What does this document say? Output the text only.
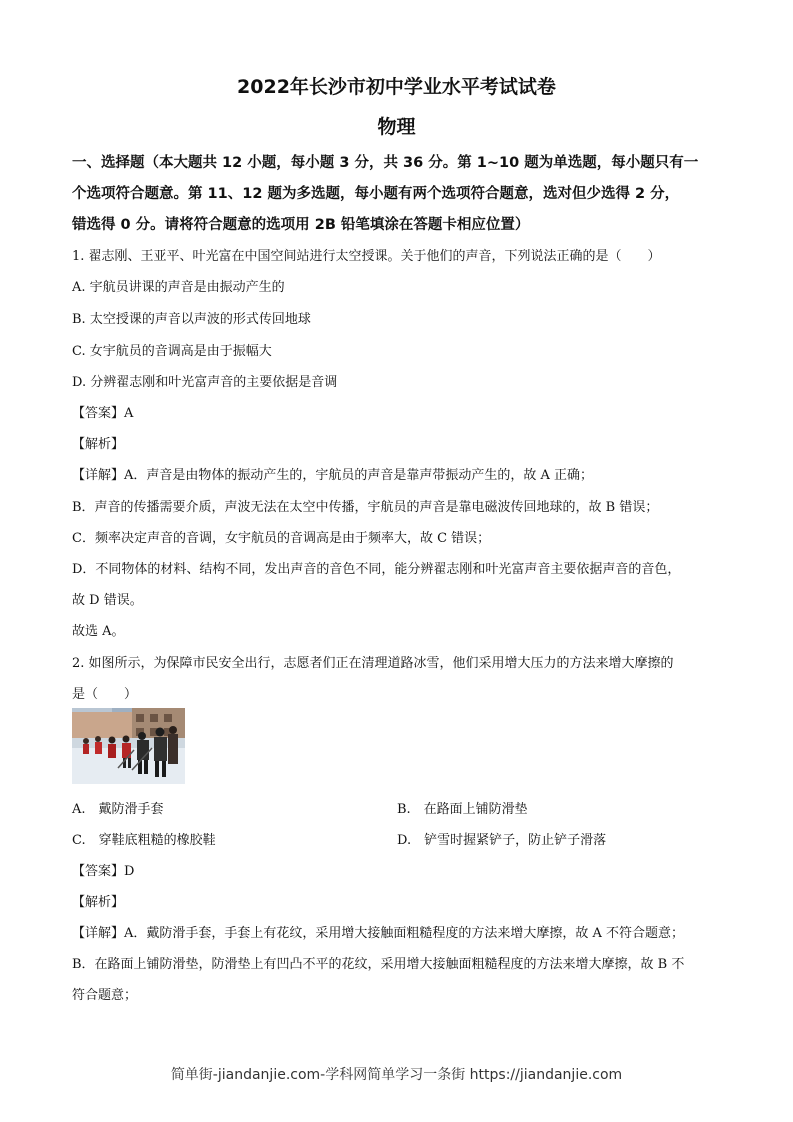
2022年长沙市初中学业水平考试试卷
物理
一、选择题（本大题共 12 小题，每小题 3 分，共 36 分。第 1~10 题为单选题，每小题只有一
个选项符合题意。第 11、12 题为多选题，每小题有两个选项符合题意，选对但少选得 2 分，
错选得 0 分。请将符合题意的选项用 2B 铅笔填涂在答题卡相应位置）
1. 翟志刚、王亚平、叶光富在中国空间站进行太空授课。关于他们的声音，下列说法正确的是（　　）
A. 宇航员讲课的声音是由振动产生的
B. 太空授课的声音以声波的形式传回地球
C. 女宇航员的音调高是由于振幅大
D. 分辨翟志刚和叶光富声音的主要依据是音调
【答案】A
【解析】
【详解】A．声音是由物体的振动产生的，宇航员的声音是靠声带振动产生的，故 A 正确；
B．声音的传播需要介质，声波无法在太空中传播，宇航员的声音是靠电磁波传回地球的，故 B 错误；
C．频率决定声音的音调，女宇航员的音调高是由于频率大，故 C 错误；
D．不同物体的材料、结构不同，发出声音的音色不同，能分辨翟志刚和叶光富声音主要依据声音的音色，
故 D 错误。
故选 A。
2. 如图所示，为保障市民安全出行，志愿者们正在清理道路冰雪，他们采用增大压力的方法来增大摩擦的
是（　　）
A.　戴防滑手套	B.　在路面上铺防滑垫
C.　穿鞋底粗糙的橡胶鞋	D.　铲雪时握紧铲子，防止铲子滑落
【答案】D
【解析】
【详解】A．戴防滑手套，手套上有花纹，采用增大接触面粗糙程度的方法来增大摩擦，故 A 不符合题意；
B．在路面上铺防滑垫，防滑垫上有凹凸不平的花纹，采用增大接触面粗糙程度的方法来增大摩擦，故 B 不
符合题意；
简单街-jiandanjie.com-学科网简单学习一条街 https://jiandanjie.com
